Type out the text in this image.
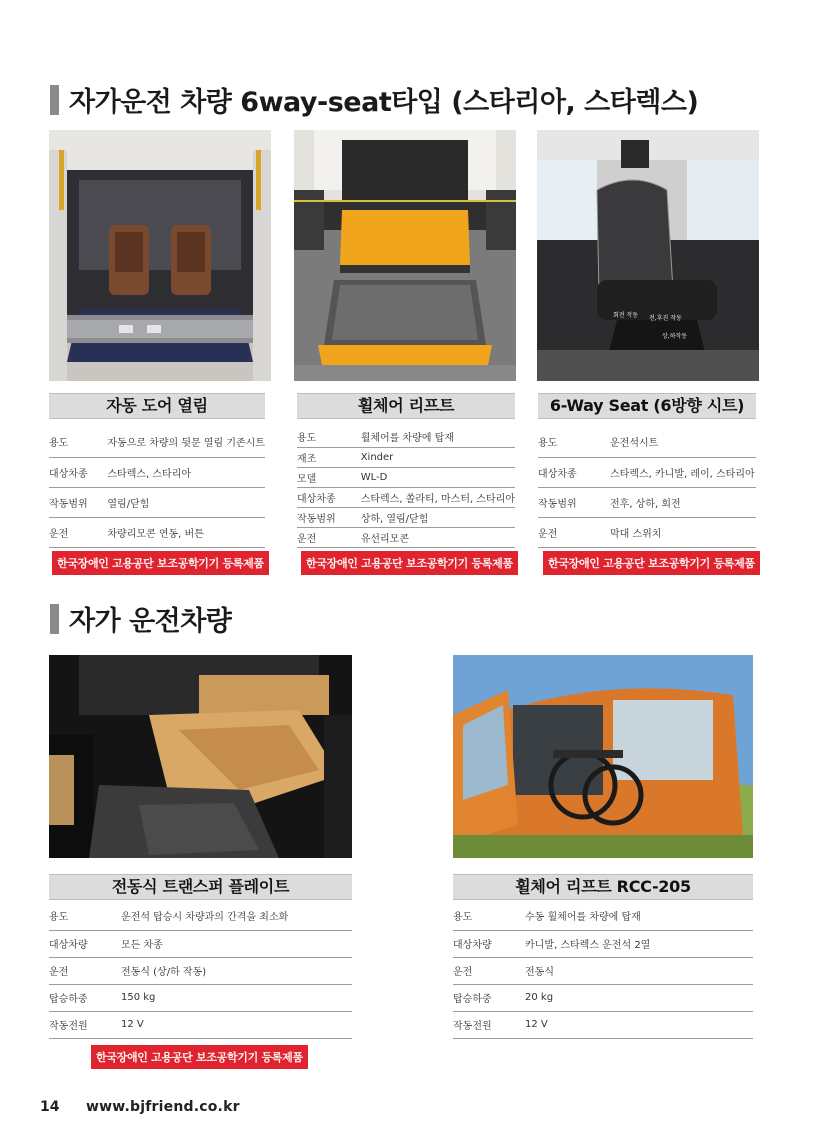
자가운전 차량 6way-seat타입 (스타리아, 스타렉스)
회전 작동 전,후진 작동
상,하작동
자동 도어 열림
용도	자동으로 차량의 뒷문 열림 기존시트
대상차종	스타렉스, 스타리아
작동범위	열림/닫힘
운전	차량리모콘 연동, 버튼
한국장애인 고용공단 보조공학기기 등록제품
휠체어 리프트
용도	휠체어를 차량에 탑재
재조	Xinder
모델	WL-D
대상차종	스타렉스, 쏠라티, 마스터, 스타리아
작동범위	상하, 열림/닫힘
운전	유선리모콘
한국장애인 고용공단 보조공학기기 등록제품
6-Way Seat (6방향 시트)
용도	운전석시트
대상차종	스타렉스, 카니발, 레이, 스타리아
작동범위	전후, 상하, 회전
운전	막대 스위치
한국장애인 고용공단 보조공학기기 등록제품
자가 운전차량
전동식 트랜스퍼 플레이트
용도	운전석 탑승시 차량과의 간격을 최소화
대상차량	모든 차종
운전	전동식 (상/하 작동)
탑승하중	150 kg
작동전원	12 V
한국장애인 고용공단 보조공학기기 등록제품
휠체어 리프트 RCC-205
용도	수동 휠체어를 차량에 탑재
대상차량	카니발, 스타렉스 운전석 2열
운전	전동식
탑승하중	20 kg
작동전원	12 V
14 www.bjfriend.co.kr
